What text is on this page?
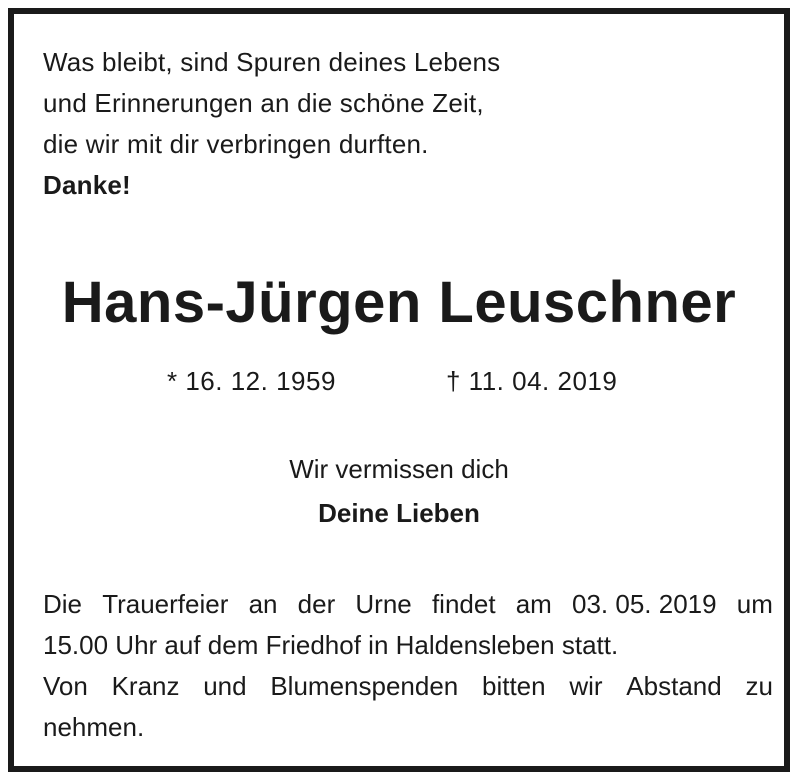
Was bleibt, sind Spuren deines Lebens
und Erinnerungen an die schöne Zeit,
die wir mit dir verbringen durften.
Danke!
Hans-Jürgen Leuschner
* 16. 12. 1959	† 11. 04. 2019
Wir vermissen dich
Deine Lieben
Die Trauerfeier an der Urne findet am 03. 05. 2019 um
15.00 Uhr auf dem Friedhof in Haldensleben statt.
Von Kranz und Blumenspenden bitten wir Abstand zu
nehmen.
